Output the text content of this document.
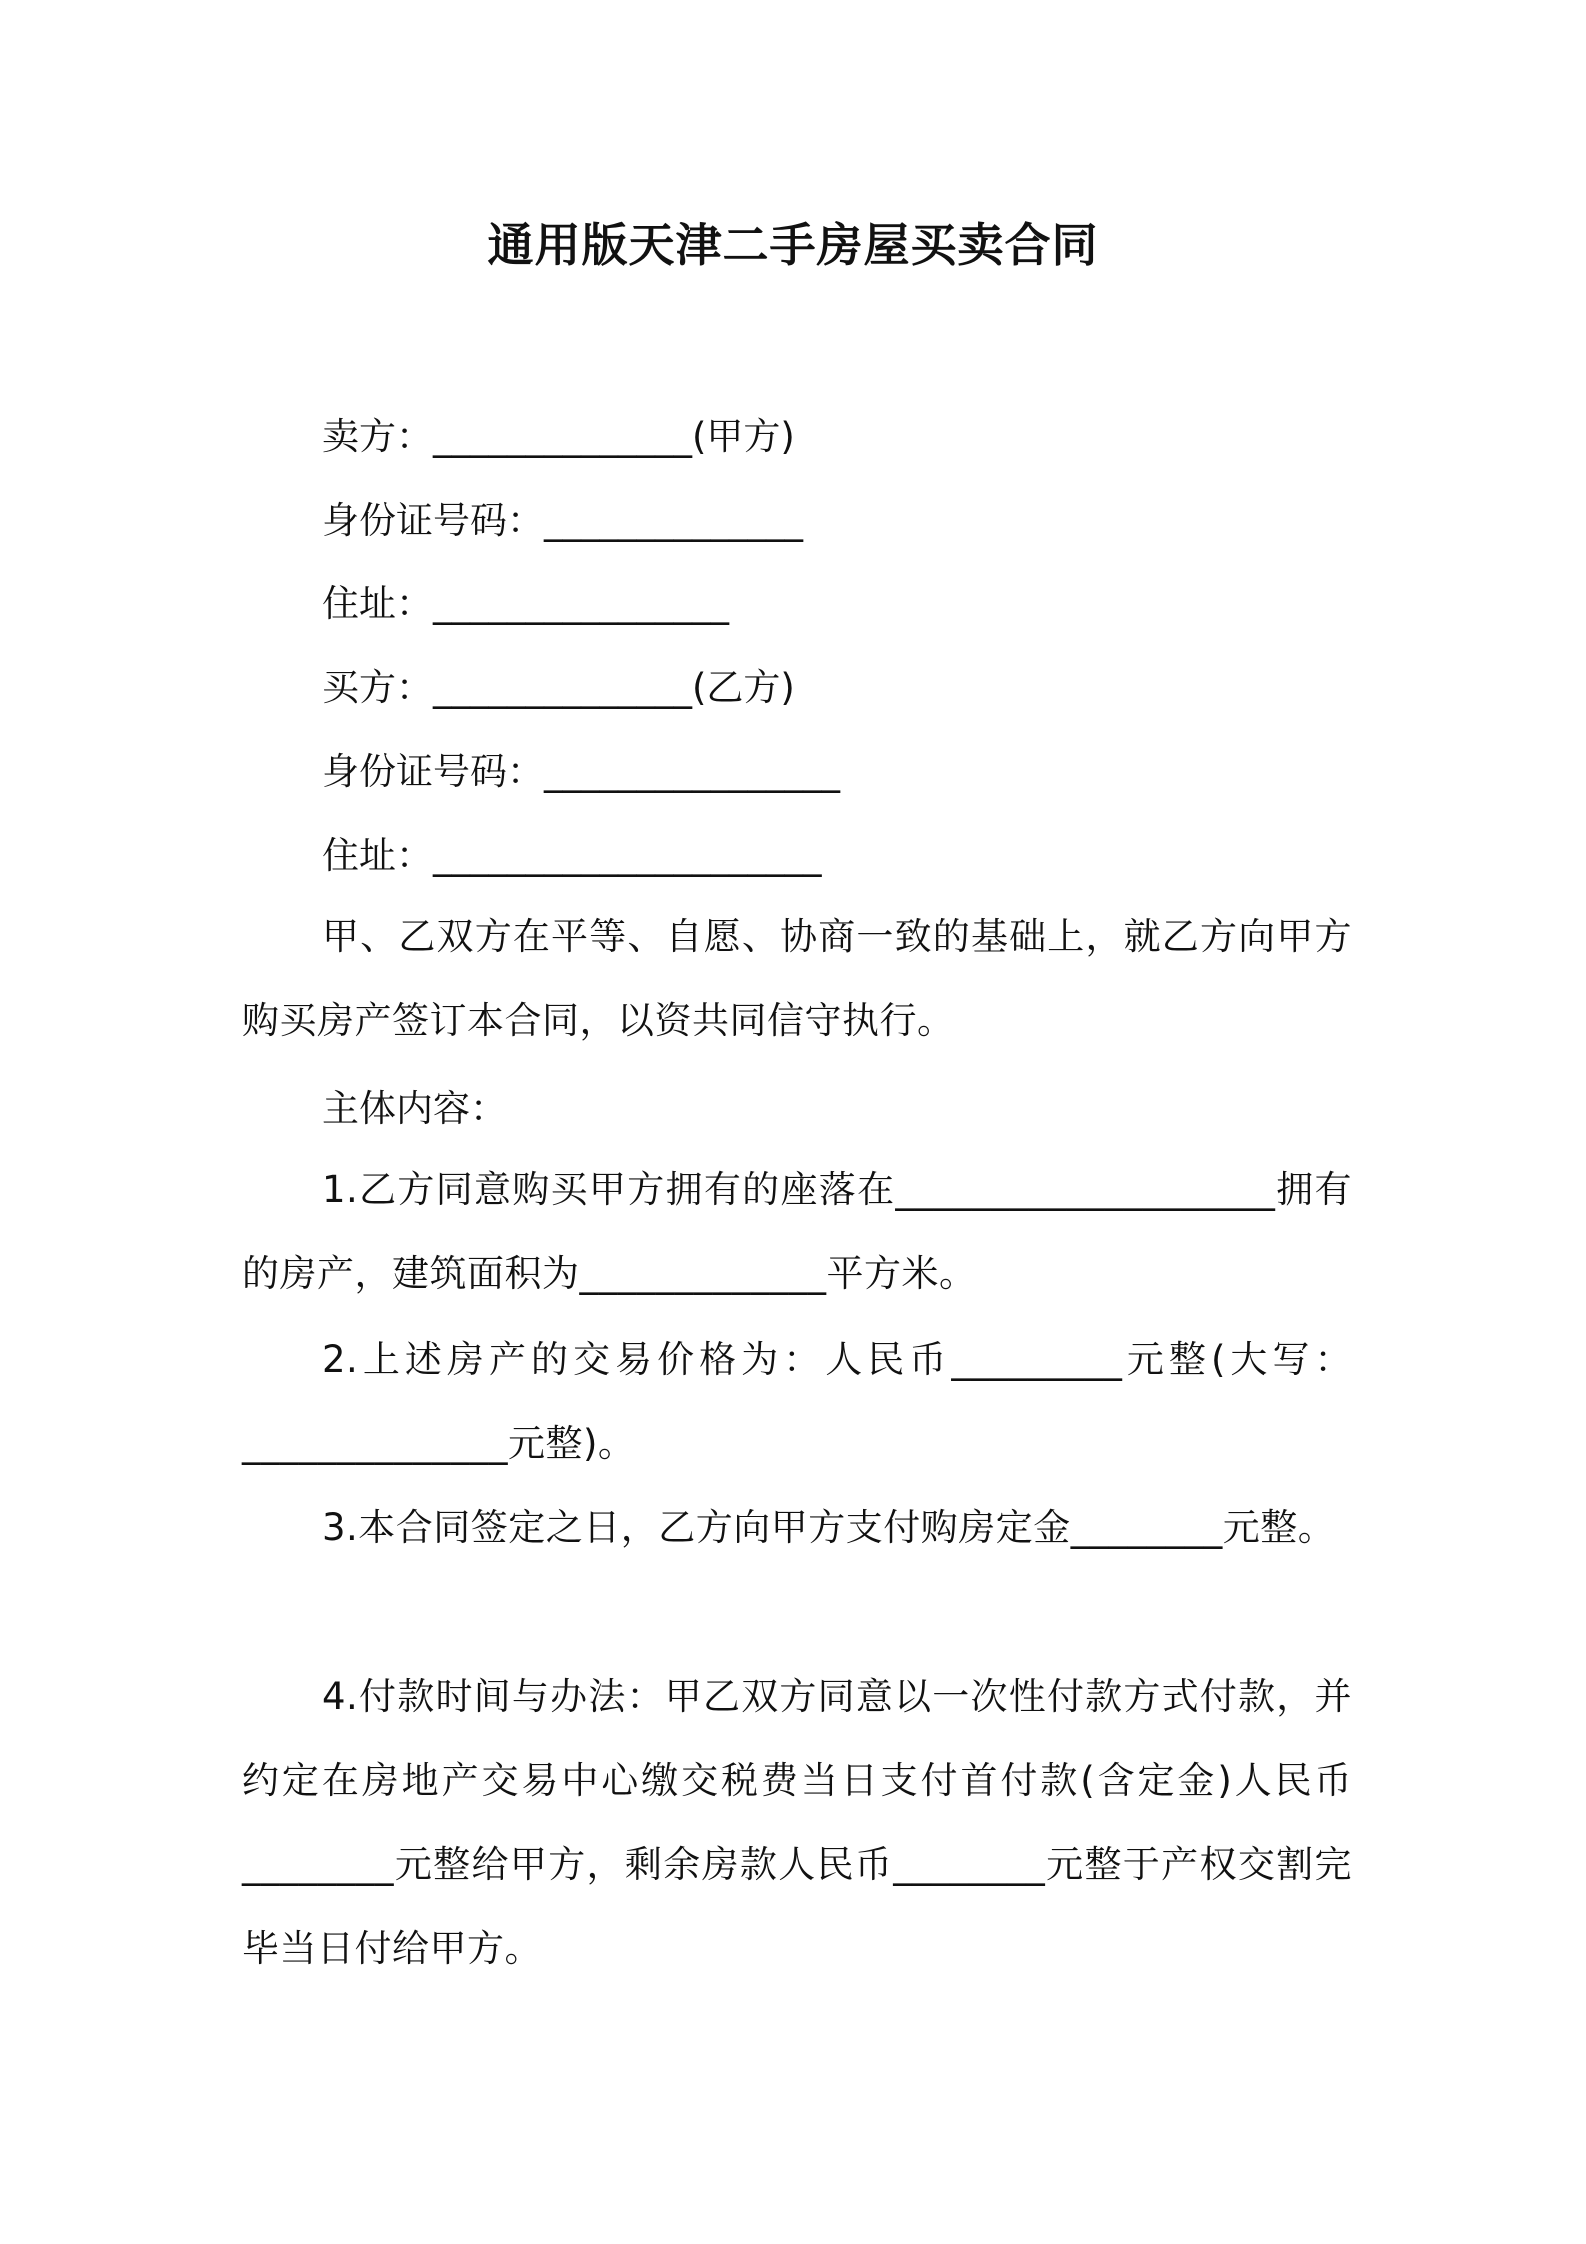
通用版天津二手房屋买卖合同
卖方：______________(甲方)
身份证号码：______________
住址：________________
买方：______________(乙方)
身份证号码：________________
住址：_____________________
甲、乙双方在平等、自愿、协商一致的基础上，就乙方向甲方购买房产签订本合同，以资共同信守执行。
主体内容：
1.乙方同意购买甲方拥有的座落在____________________拥有的房产，建筑面积为_____________平方米。
2.上述房产的交易价格为：人民币_________元整(大写：______________元整)。
3.本合同签定之日，乙方向甲方支付购房定金________元整。
4.付款时间与办法：甲乙双方同意以一次性付款方式付款，并约定在房地产交易中心缴交税费当日支付首付款(含定金)人民币________元整给甲方，剩余房款人民币________元整于产权交割完毕当日付给甲方。
